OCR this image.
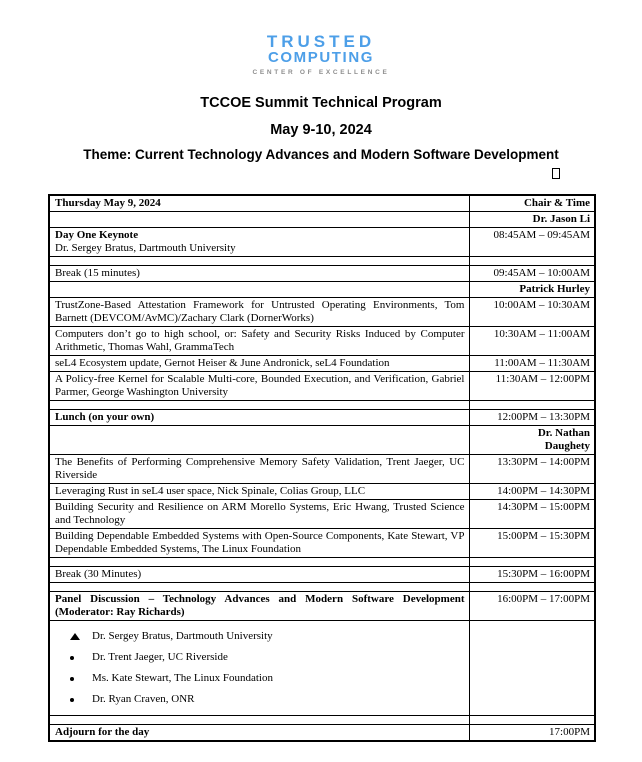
TRUSTED
COMPUTING
CENTER OF EXCELLENCE
TCCOE Summit Technical Program
May 9-10, 2024
Theme: Current Technology Advances and Modern Software Development
Thursday May 9, 2024	Chair & Time
	Dr. Jason Li

Day One Keynote
Dr. Sergey Bratus, Dartmouth University	08:45AM – 09:45AM

Break (15 minutes)	09:45AM – 10:00AM
	Patrick Hurley
TrustZone-Based Attestation Framework for Untrusted Operating Environments, Tom Barnett (DEVCOM/AvMC)/Zachary Clark (DornerWorks)	10:00AM – 10:30AM
Computers don’t go to high school, or: Safety and Security Risks Induced by Computer Arithmetic, Thomas Wahl, GrammaTech	10:30AM – 11:00AM
seL4 Ecosystem update, Gernot Heiser & June Andronick, seL4 Foundation	11:00AM – 11:30AM
A Policy-free Kernel for Scalable Multi-core, Bounded Execution, and Verification, Gabriel Parmer, George Washington University	11:30AM – 12:00PM

Lunch (on your own)	12:00PM – 13:30PM
	Dr. Nathan Daughety
The Benefits of Performing Comprehensive Memory Safety Validation, Trent Jaeger, UC Riverside	13:30PM – 14:00PM
Leveraging Rust in seL4 user space, Nick Spinale, Colias Group, LLC	14:00PM – 14:30PM
Building Security and Resilience on ARM Morello Systems, Eric Hwang, Trusted Science and Technology	14:30PM – 15:00PM
Building Dependable Embedded Systems with Open-Source Components, Kate Stewart, VP Dependable Embedded Systems, The Linux Foundation	15:00PM – 15:30PM

Break (30 Minutes)	15:30PM – 16:00PM

Panel Discussion – Technology Advances and Modern Software Development (Moderator: Ray Richards)	16:00PM – 17:00PM

Dr. Sergey Bratus, Dartmouth University
Dr. Trent Jaeger, UC Riverside
Ms. Kate Stewart, The Linux Foundation
Dr. Ryan Craven, ONR	

Adjourn for the day	17:00PM
